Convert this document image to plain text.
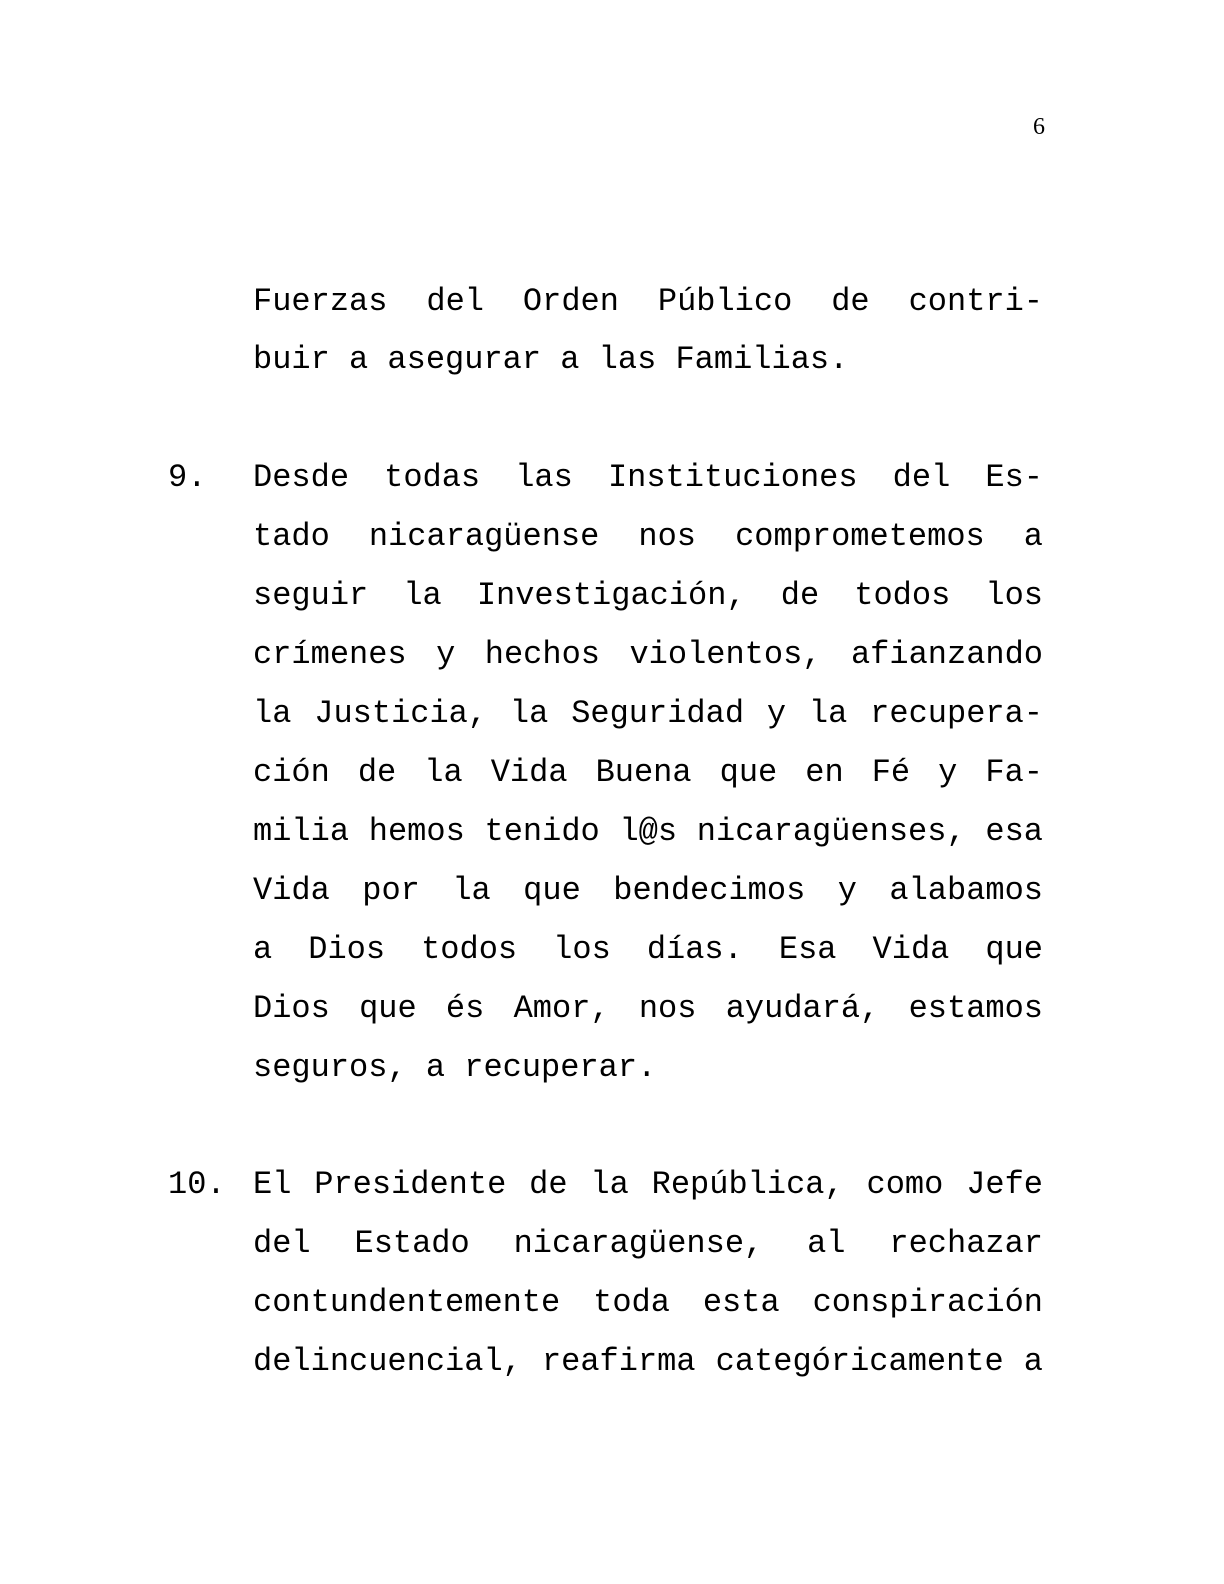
6
Fuerzas del Orden Público de contri-
buir a asegurar a las Familias.
9. Desde todas las Instituciones del Es-
tado nicaragüense nos comprometemos a
seguir la Investigación, de todos los
crímenes y hechos violentos, afianzando
la Justicia, la Seguridad y la recupera-
ción de la Vida Buena que en Fé y Fa-
milia hemos tenido l@s nicaragüenses, esa
Vida por la que bendecimos y alabamos
a Dios todos los días. Esa Vida que
Dios que és Amor, nos ayudará, estamos
seguros, a recuperar.
10. El Presidente de la República, como Jefe
del Estado nicaragüense, al rechazar
contundentemente toda esta conspiración
delincuencial, reafirma categóricamente a
